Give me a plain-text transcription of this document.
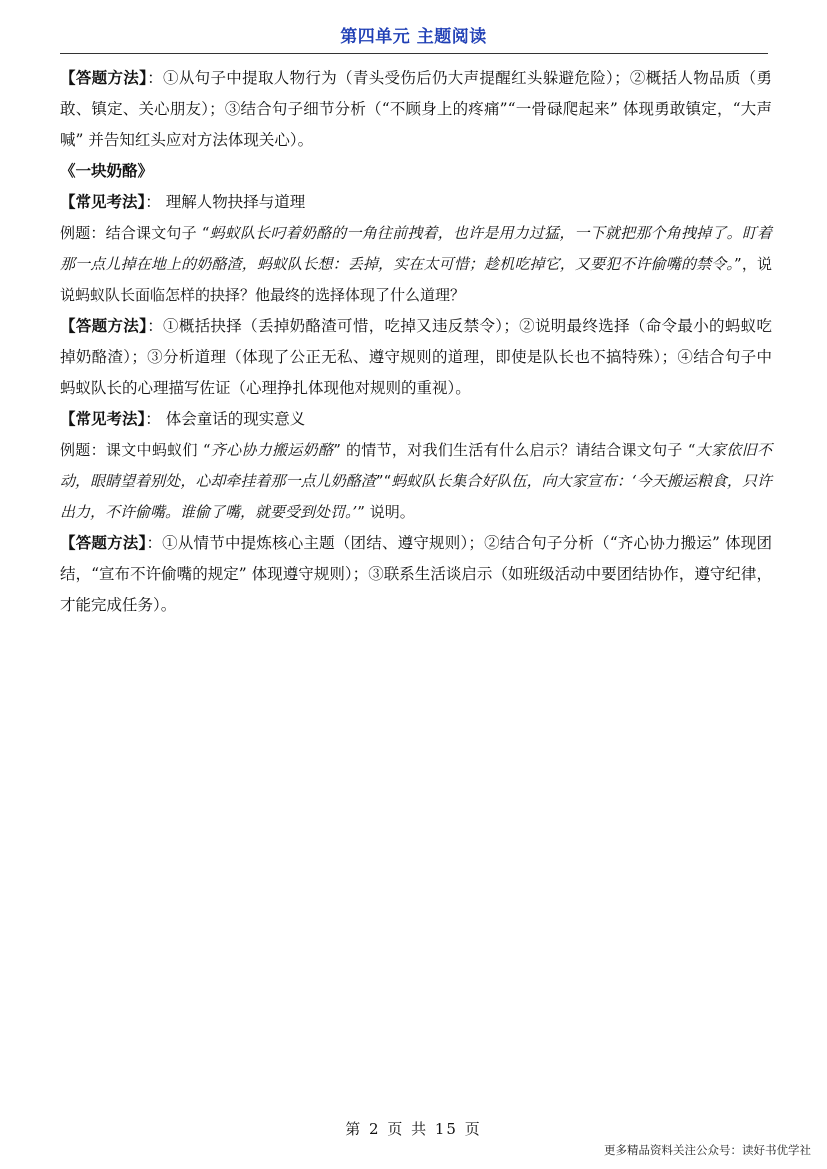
第四单元 主题阅读

【答题方法】：①从句子中提取人物行为（青头受伤后仍大声提醒红头躲避危险）；②概括人物品质（勇敢、镇定、关心朋友）；③结合句子细节分析（“不顾身上的疼痛”“一骨碌爬起来” 体现勇敢镇定，“大声喊” 并告知红头应对方法体现关心）。

《一块奶酪》

【常见考法】： 理解人物抉择与道理

例题：结合课文句子 “蚂蚁队长叼着奶酪的一角往前拽着，也许是用力过猛，一下就把那个角拽掉了。盯着那一点儿掉在地上的奶酪渣，蚂蚁队长想：丢掉，实在太可惜；趁机吃掉它，又要犯不许偷嘴的禁令。”，说说蚂蚁队长面临怎样的抉择？他最终的选择体现了什么道理？

【答题方法】：①概括抉择（丢掉奶酪渣可惜，吃掉又违反禁令）；②说明最终选择（命令最小的蚂蚁吃掉奶酪渣）；③分析道理（体现了公正无私、遵守规则的道理，即使是队长也不搞特殊）；④结合句子中蚂蚁队长的心理描写佐证（心理挣扎体现他对规则的重视）。

【常见考法】： 体会童话的现实意义

例题：课文中蚂蚁们 “齐心协力搬运奶酪” 的情节，对我们生活有什么启示？请结合课文句子 “大家依旧不动，眼睛望着别处，心却牵挂着那一点儿奶酪渣”“蚂蚁队长集合好队伍，向大家宣布：‘今天搬运粮食，只许出力，不许偷嘴。谁偷了嘴，就要受到处罚。’” 说明。

【答题方法】：①从情节中提炼核心主题（团结、遵守规则）；②结合句子分析（“齐心协力搬运” 体现团结，“宣布不许偷嘴的规定” 体现遵守规则）；③联系生活谈启示（如班级活动中要团结协作，遵守纪律，才能完成任务）。

第 2 页 共 15 页
更多精品资料关注公众号：读好书优学社
